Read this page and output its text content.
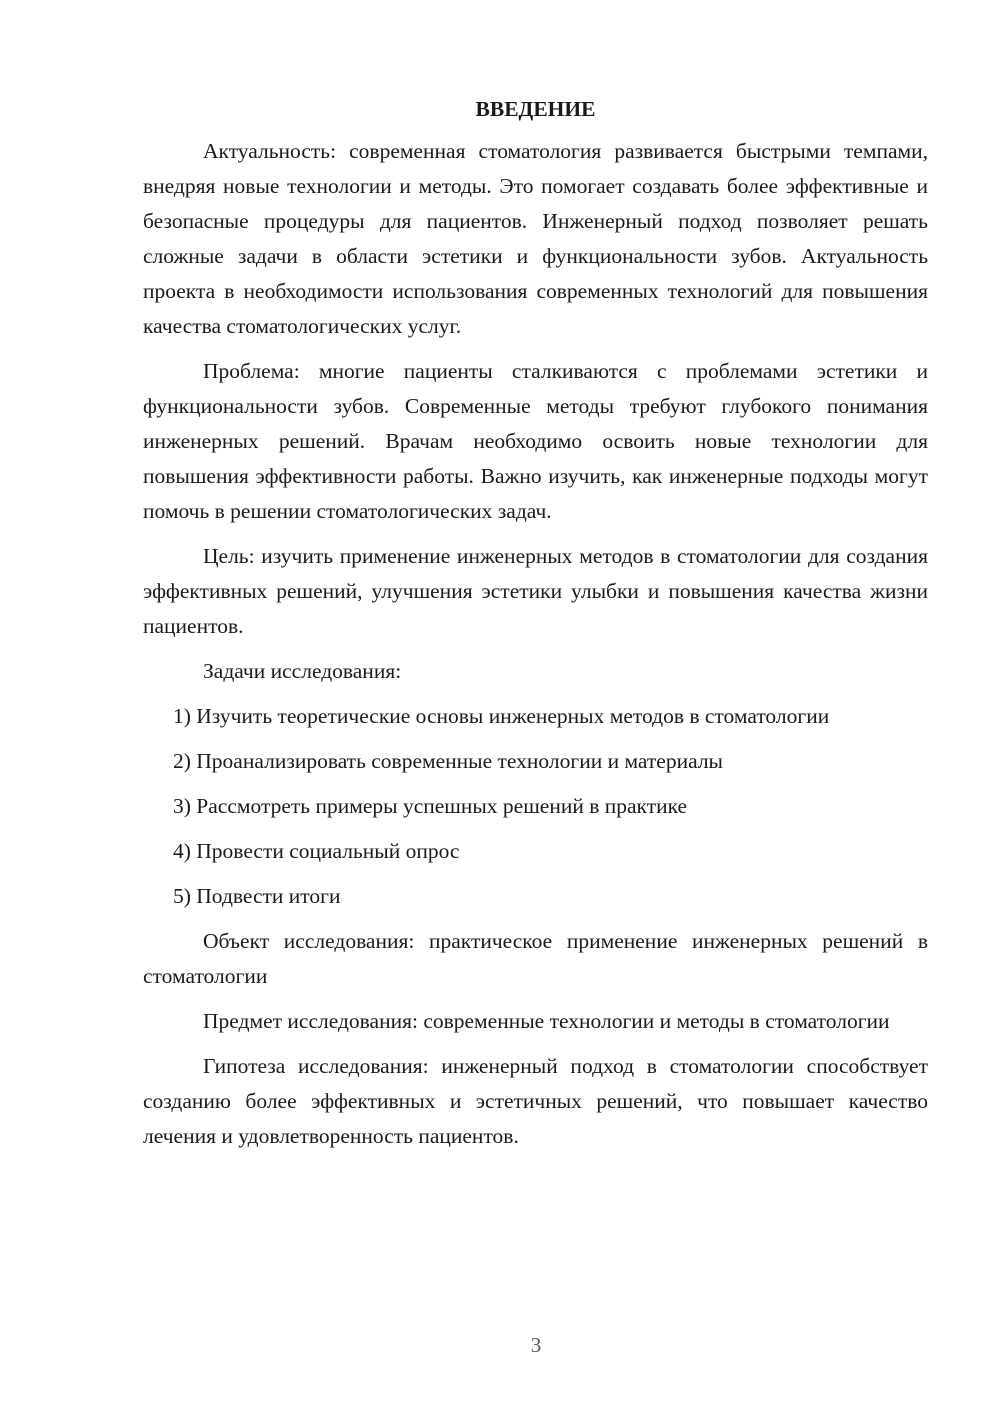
ВВЕДЕНИЕ

Актуальность: современная стоматология развивается быстрыми темпами, внедряя новые технологии и методы. Это помогает создавать более эффективные и безопасные процедуры для пациентов. Инженерный подход позволяет решать сложные задачи в области эстетики и функциональности зубов. Актуальность проекта в необходимости использования современных технологий для повышения качества стоматологических услуг.

Проблема: многие пациенты сталкиваются с проблемами эстетики и функциональности зубов. Современные методы требуют глубокого понимания инженерных решений. Врачам необходимо освоить новые технологии для повышения эффективности работы. Важно изучить, как инженерные подходы могут помочь в решении стоматологических задач.

Цель: изучить применение инженерных методов в стоматологии для создания эффективных решений, улучшения эстетики улыбки и повышения качества жизни пациентов.

Задачи исследования:

1) Изучить теоретические основы инженерных методов в стоматологии

2) Проанализировать современные технологии и материалы

3) Рассмотреть примеры успешных решений в практике

4) Провести социальный опрос

5) Подвести итоги

Объект исследования: практическое применение инженерных решений в стоматологии

Предмет исследования: современные технологии и методы в стоматологии

Гипотеза исследования: инженерный подход в стоматологии способствует созданию более эффективных и эстетичных решений, что повышает качество лечения и удовлетворенность пациентов.

3
